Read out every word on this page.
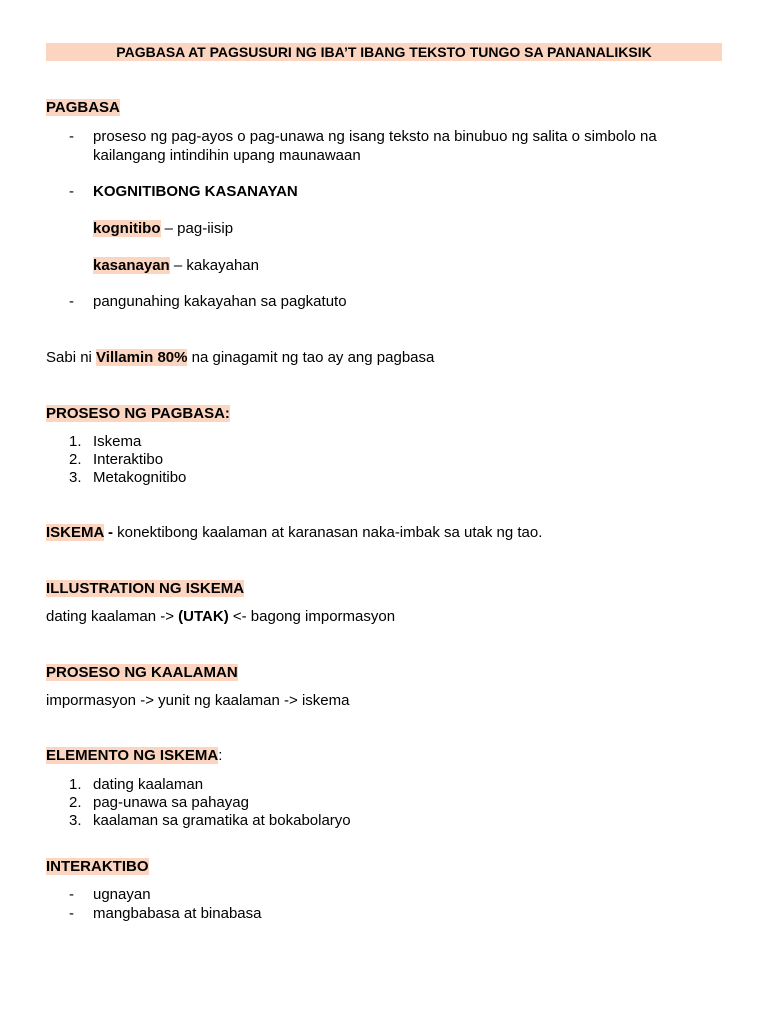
PAGBASA AT PAGSUSURI NG IBA’T IBANG TEKSTO TUNGO SA PANANALIKSIK
PAGBASA
- proseso ng pag-ayos o pag-unawa ng isang teksto na binubuo ng salita o simbolo na
kailangang intindihin upang maunawaan
- KOGNITIBONG KASANAYAN
kognitibo – pag-iisip
kasanayan – kakayahan
- pangunahing kakayahan sa pagkatuto
Sabi ni Villamin 80% na ginagamit ng tao ay ang pagbasa
PROSESO NG PAGBASA:
1. Iskema
2. Interaktibo
3. Metakognitibo
ISKEMA - konektibong kaalaman at karanasan naka-imbak sa utak ng tao.
ILLUSTRATION NG ISKEMA
dating kaalaman -> (UTAK) <- bagong impormasyon
PROSESO NG KAALAMAN
impormasyon -> yunit ng kaalaman -> iskema
ELEMENTO NG ISKEMA:
1. dating kaalaman
2. pag-unawa sa pahayag
3. kaalaman sa gramatika at bokabolaryo
INTERAKTIBO
- ugnayan
- mangbabasa at binabasa
